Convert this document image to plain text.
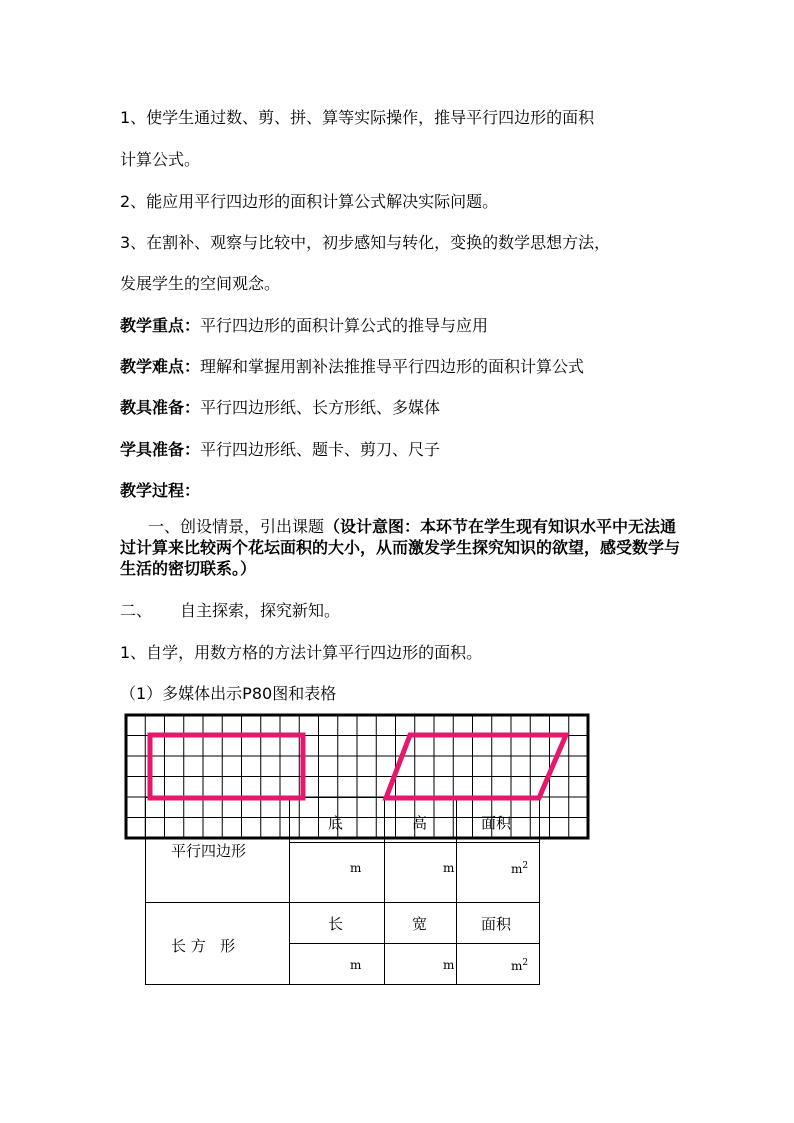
1、使学生通过数、剪、拼、算等实际操作，推导平行四边形的面积
计算公式。
2、能应用平行四边形的面积计算公式解决实际问题。
3、在割补、观察与比较中，初步感知与转化，变换的数学思想方法，
发展学生的空间观念。
教学重点：平行四边形的面积计算公式的推导与应用
教学难点：理解和掌握用割补法推推导平行四边形的面积计算公式
教具准备：平行四边形纸、长方形纸、多媒体
学具准备：平行四边形纸、题卡、剪刀、尺子
教学过程：
一、创设情景，引出课题（设计意图：本环节在学生现有知识水平中无法通过计算来比较两个花坛面积的大小，从而激发学生探究知识的欲望，感受数学与生活的密切联系。）
二、 自主探索，探究新知。
1、自学，用数方格的方法计算平行四边形的面积。
（1）多媒体出示P80图和表格
平行四边形	底	高	面积

	m	m	$m^2$

长 方   形	长	宽	面积

	m	m	$m^2$
